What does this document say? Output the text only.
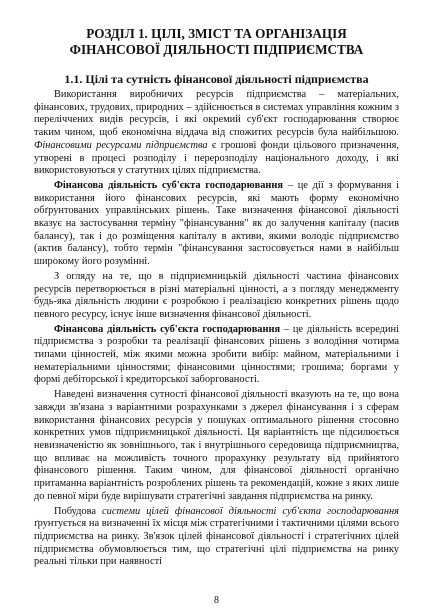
РОЗДІЛ 1. ЦІЛІ, ЗМІСТ ТА ОРГАНІЗАЦІЯ
ФІНАНСОВОЇ ДІЯЛЬНОСТІ ПІДПРИЄМСТВА
1.1. Цілі та сутність фінансової діяльності підприємства

Використання виробничих ресурсів підприємства – матеріальних, фінансових, трудових, природних – здійснюється в системах управління кожним з переліччених видів ресурсів, і які окремий суб'єкт господарювання створює таким чином, щоб економічна віддача від спожитих ресурсів була найбільшою. Фінансовими ресурсами підприємства є грошові фонди цільового призначення, утворені в процесі розподілу і перерозподілу національного доходу, і які використовуються у статутних цілях підприємства.

Фінансова діяльність суб'єкта господарювання – це дії з формування і використання його фінансових ресурсів, які мають форму економічно обґрунтованих управлінських рішень. Таке визначення фінансової діяльності вказує на застосування терміну "фінансування" як до залучення капіталу (пасив балансу), так і до розміщення капіталу в активи, якими володіє підприємство (актив балансу), тобто термін "фінансування застосовується нами в найбільш широкому його розумінні.

З огляду на те, що в підприємницькій діяльності частина фінансових ресурсів перетворюється в різні матеріальні цінності, а з погляду менеджменту будь-яка діяльність людини є розробкою і реалізацією конкретних рішень щодо певного ресурсу, існує інше визначення фінансової діяльності.

Фінансова діяльність суб'єкта господарювання – це діяльність всередині підприємства з розробки та реалізації фінансових рішень з володіння чотирма типами цінностей, між якими можна зробити вибір: майном, матеріальними і нематеріальними цінностями; фінансовими цінностями; грошима; боргами у формі дебіторської і кредиторської заборгованості.

Наведені визначення сутності фінансової діяльності вказують на те, що вона завжди зв'язана з варіантними розрахунками з джерел фінансування і з сферам використання фінансових ресурсів у пошуках оптимального рішення стосовно конкретних умов підприємницької діяльності. Ця варіантність ще підсилюється невизначеністю як зовнішнього, так і внутрішнього середовища підприємництва, що впливає на можливість точного прорахунку результату від прийнятого фінансового рішення. Таким чином, для фінансової діяльності органічно притаманна варіантність розроблених рішень та рекомендацій, кожне з яких лише до певної міри буде вирішувати стратегічні завдання підприємства на ринку.

Побудова системи цілей фінансової діяльності суб'єкта господарювання ґрунтується на визначенні їх місця між стратегічними і тактичними цілями всього підприємства на ринку. Зв'язок цілей фінансової діяльності і стратегічних цілей підприємства обумовлюється тим, що стратегічні цілі підприємства на ринку реальні тільки при наявності

8
